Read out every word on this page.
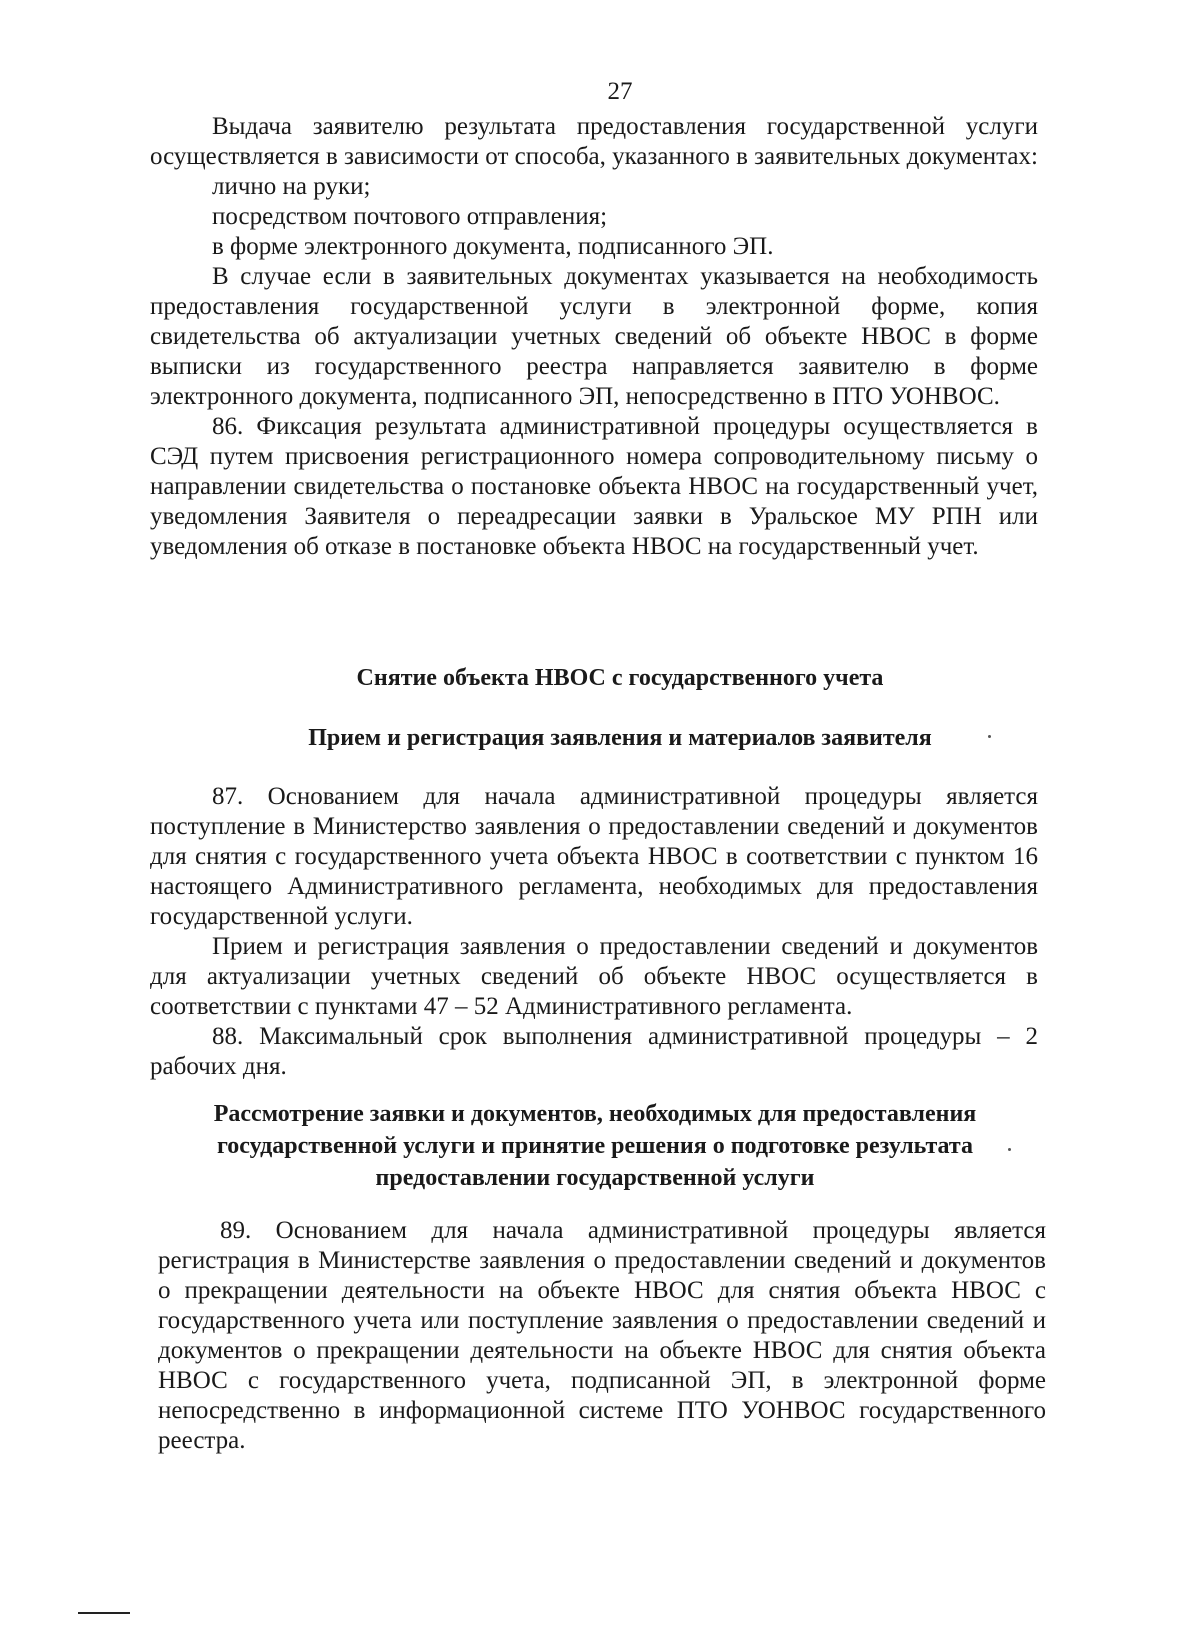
27

Выдача заявителю результата предоставления государственной услуги осуществляется в зависимости от способа, указанного в заявительных документах:

лично на руки;

посредством почтового отправления;

в форме электронного документа, подписанного ЭП.

В случае если в заявительных документах указывается на необходимость предоставления государственной услуги в электронной форме, копия свидетельства об актуализации учетных сведений об объекте НВОС в форме выписки из государственного реестра направляется заявителю в форме электронного документа, подписанного ЭП, непосредственно в ПТО УОНВОС.

86. Фиксация результата административной процедуры осуществляется в СЭД путем присвоения регистрационного номера сопроводительному письму о направлении свидетельства о постановке объекта НВОС на государственный учет, уведомления Заявителя о переадресации заявки в Уральское МУ РПН или уведомления об отказе в постановке объекта НВОС на государственный учет.

Снятие объекта НВОС с государственного учета
Прием и регистрация заявления и материалов заявителя

87. Основанием для начала административной процедуры является поступление в Министерство заявления о предоставлении сведений и документов для снятия с государственного учета объекта НВОС в соответствии с пунктом 16 настоящего Административного регламента, необходимых для предоставления государственной услуги.

Прием и регистрация заявления о предоставлении сведений и документов для актуализации учетных сведений об объекте НВОС осуществляется в соответствии с пунктами 47 – 52 Административного регламента.

88. Максимальный срок выполнения административной процедуры – 2 рабочих дня.

Рассмотрение заявки и документов, необходимых для предоставления государственной услуги и принятие решения о подготовке результата предоставлении государственной услуги

89. Основанием для начала административной процедуры является регистрация в Министерстве заявления о предоставлении сведений и документов о прекращении деятельности на объекте НВОС для снятия объекта НВОС с государственного учета или поступление заявления о предоставлении сведений и документов о прекращении деятельности на объекте НВОС для снятия объекта НВОС с государственного учета, подписанной ЭП, в электронной форме непосредственно в информационной системе ПТО УОНВОС государственного реестра.
